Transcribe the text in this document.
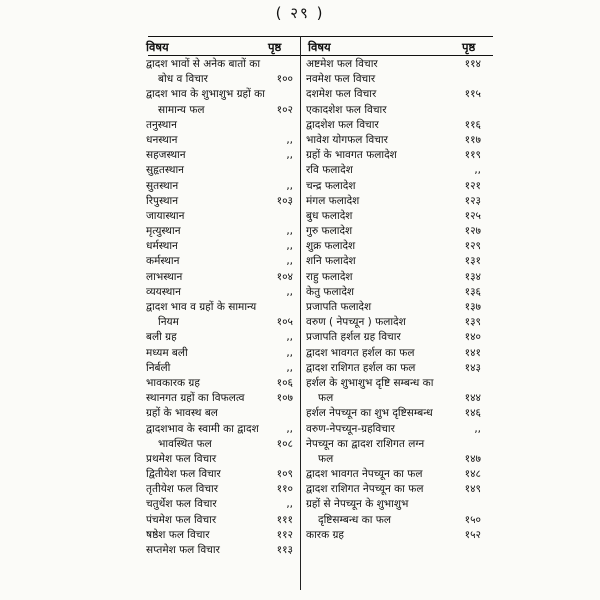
( २९ )
विषय	पृष्ठ विषय	पृष्ठ
द्वादश भावों से अनेक बातों का
बोध व विचार	१००
द्वादश भाव के शुभाशुभ ग्रहों का
सामान्य फल	१०२
तनुस्थान
धनस्थान	,,
सहजस्थान	,,
सुहृतस्थान
सुतस्थान	,,
रिपुस्थान	१०३
जायास्थान
मृत्युस्थान	,,
धर्मस्थान	,,
कर्मस्थान	,,
लाभस्थान	१०४
व्ययस्थान	,,
द्वादश भाव व ग्रहों के सामान्य
नियम	१०५
बली ग्रह	,,
मध्यम बली	,,
निर्बली	,,
भावकारक ग्रह	१०६
स्थानगत ग्रहों का विफलत्व	१०७
ग्रहों के भावस्थ बल
द्वादशभाव के स्वामी का द्वादश	,,
भावस्थित फल	१०८
प्रथमेश फल विचार
द्वितीयेश फल विचार	१०९
तृतीयेश फल विचार	११०
चतुर्थेश फल विचार	,,
पंचमेश फल विचार	१११
षष्ठेश फल विचार	११२
सप्तमेश फल विचार	११३
अष्टमेश फल विचार	११४
नवमेश फल विचार
दशमेश फल विचार	११५
एकादशेश फल विचार
द्वादशेश फल विचार	११६
भावेश योगफल विचार	११७
ग्रहों के भावगत फलादेश	११९
रवि फलादेश	,,
चन्द्र फलादेश	१२१
मंगल फलादेश	१२३
बुध फलादेश	१२५
गुरु फलादेश	१२७
शुक्र फलादेश	१२९
शनि फलादेश	१३१
राहु फलादेश	१३४
केतु फलादेश	१३६
प्रजापति फलादेश	१३७
वरुण ( नेपच्यून ) फलादेश	१३९
प्रजापति हर्शल ग्रह विचार	१४०
द्वादश भावगत हर्शल का फल	१४१
द्वादश राशिगत हर्शल का फल	१४३
हर्शल के शुभाशुभ दृष्टि सम्बन्ध का
फल	१४४
हर्शल नेपच्यून का शुभ दृष्टिसम्बन्ध	१४६
वरुण-नेपच्यून-ग्रहविचार	,,
नेपच्यून का द्वादश राशिगत लग्न
फल	१४७
द्वादश भावगत नेपच्यून का फल	१४८
द्वादश राशिगत नेपच्यून का फल	१४९
ग्रहों से नेपच्यून के शुभाशुभ
दृष्टिसम्बन्ध का फल	१५०
कारक ग्रह	१५२
